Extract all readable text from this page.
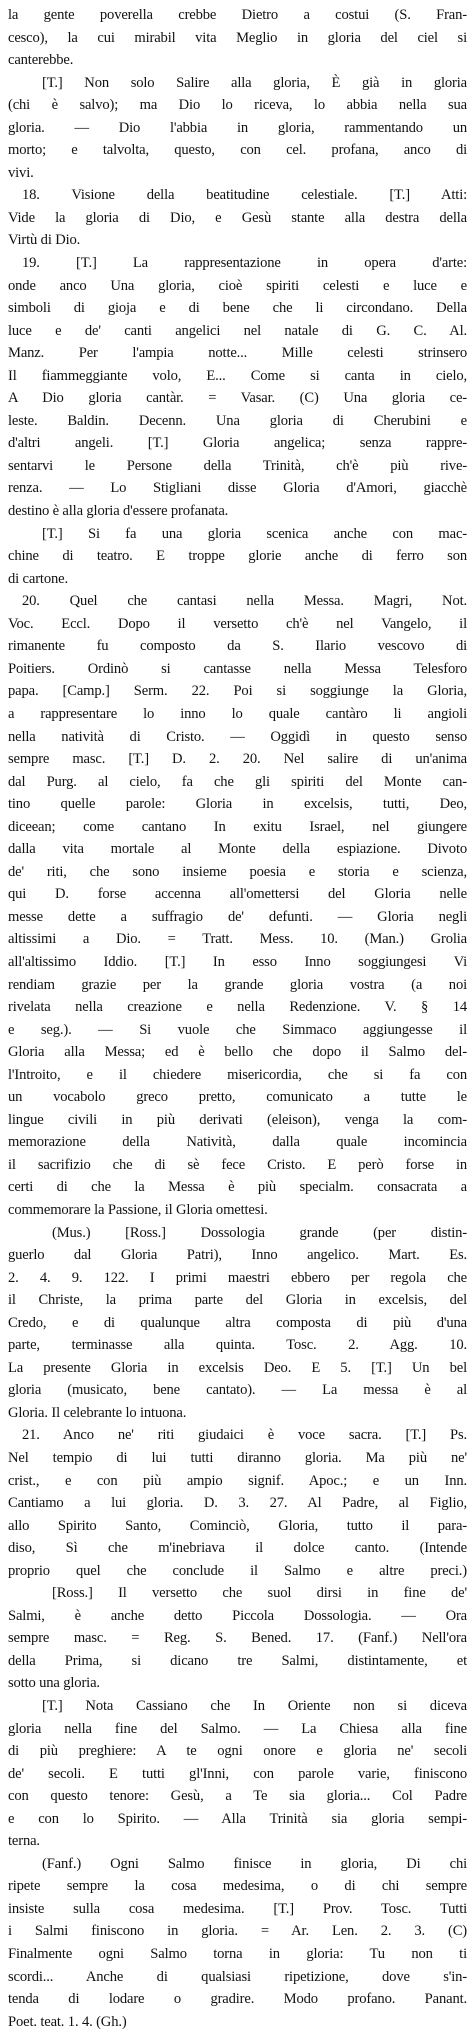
la gente poverella crebbe Dietro a costui (S. Fran-
cesco), la cui mirabil vita Meglio in gloria del ciel si
canterebbe.
[T.] Non solo Salire alla gloria, È già in gloria
(chi è salvo); ma Dio lo riceva, lo abbia nella sua
gloria. — Dio l'abbia in gloria, rammentando un
morto; e talvolta, questo, con cel. profana, anco di
vivi.
18. Visione della beatitudine celestiale. [T.] Atti:
Vide la gloria di Dio, e Gesù stante alla destra della
Virtù di Dio.
19. [T.] La rappresentazione in opera d'arte:
onde anco Una gloria, cioè spiriti celesti e luce e
simboli di gioja e di bene che li circondano. Della
luce e de' canti angelici nel natale di G. C. Al.
Manz. Per l'ampia notte... Mille celesti strinsero
Il fiammeggiante volo, E... Come si canta in cielo,
A Dio gloria cantàr. = Vasar. (C) Una gloria ce-
leste. Baldin. Decenn. Una gloria di Cherubini e
d'altri angeli. [T.] Gloria angelica; senza rappre-
sentarvi le Persone della Trinità, ch'è più rive-
renza. — Lo Stigliani disse Gloria d'Amori, giacchè
destino è alla gloria d'essere profanata.
[T.] Si fa una gloria scenica anche con mac-
chine di teatro. E troppe glorie anche di ferro son
di cartone.
20. Quel che cantasi nella Messa. Magri, Not.
Voc. Eccl. Dopo il versetto ch'è nel Vangelo, il
rimanente fu composto da S. Ilario vescovo di
Poitiers. Ordinò si cantasse nella Messa Telesforo
papa. [Camp.] Serm. 22. Poi si soggiunge la Gloria,
a rappresentare lo inno lo quale cantàro li angioli
nella natività di Cristo. — Oggidì in questo senso
sempre masc. [T.] D. 2. 20. Nel salire di un'anima
dal Purg. al cielo, fa che gli spiriti del Monte can-
tino quelle parole: Gloria in excelsis, tutti, Deo,
diceean; come cantano In exitu Israel, nel giungere
dalla vita mortale al Monte della espiazione. Divoto
de' riti, che sono insieme poesia e storia e scienza,
qui D. forse accenna all'omettersi del Gloria nelle
messe dette a suffragio de' defunti. — Gloria negli
altissimi a Dio. = Tratt. Mess. 10. (Man.) Grolia
all'altissimo Iddio. [T.] In esso Inno soggiungesi Vi
rendiam grazie per la grande gloria vostra (a noi
rivelata nella creazione e nella Redenzione. V. § 14
e seg.). — Si vuole che Simmaco aggiungesse il
Gloria alla Messa; ed è bello che dopo il Salmo del-
l'Introito, e il chiedere misericordia, che si fa con
un vocabolo greco pretto, comunicato a tutte le
lingue civili in più derivati (eleison), venga la com-
memorazione della Natività, dalla quale incomincia
il sacrifizio che di sè fece Cristo. E però forse in
certi di che la Messa è più specialm. consacrata a
commemorare la Passione, il Gloria omettesi.
(Mus.) [Ross.] Dossologia grande (per distin-
guerlo dal Gloria Patri), Inno angelico. Mart. Es.
2. 4. 9. 122. I primi maestri ebbero per regola che
il Christe, la prima parte del Gloria in excelsis, del
Credo, e di qualunque altra composta di più d'una
parte, terminasse alla quinta. Tosc. 2. Agg. 10.
La presente Gloria in excelsis Deo. E 5. [T.] Un bel
gloria (musicato, bene cantato). — La messa è al
Gloria. Il celebrante lo intuona.
21. Anco ne' riti giudaici è voce sacra. [T.] Ps.
Nel tempio di lui tutti diranno gloria. Ma più ne'
crist., e con più ampio signif. Apoc.; e un Inn.
Cantiamo a lui gloria. D. 3. 27. Al Padre, al Figlio,
allo Spirito Santo, Cominciò, Gloria, tutto il para-
diso, Sì che m'inebriava il dolce canto. (Intende
proprio quel che conclude il Salmo e altre preci.)
[Ross.] Il versetto che suol dirsi in fine de'
Salmi, è anche detto Piccola Dossologia. — Ora
sempre masc. = Reg. S. Bened. 17. (Fanf.) Nell'ora
della Prima, si dicano tre Salmi, distintamente, et
sotto una gloria.
[T.] Nota Cassiano che In Oriente non si diceva
gloria nella fine del Salmo. — La Chiesa alla fine
di più preghiere: A te ogni onore e gloria ne' secoli
de' secoli. E tutti gl'Inni, con parole varie, finiscono
con questo tenore: Gesù, a Te sia gloria... Col Padre
e con lo Spirito. — Alla Trinità sia gloria sempi-
terna.
(Fanf.) Ogni Salmo finisce in gloria, Di chi
ripete sempre la cosa medesima, o di chi sempre
insiste sulla cosa medesima. [T.] Prov. Tosc. Tutti
i Salmi finiscono in gloria. = Ar. Len. 2. 3. (C)
Finalmente ogni Salmo torna in gloria: Tu non ti
scordi... Anche di qualsiasi ripetizione, dove s'in-
tenda di lodare o gradire. Modo profano. Panant.
Poet. teat. 1. 4. (Gh.)
